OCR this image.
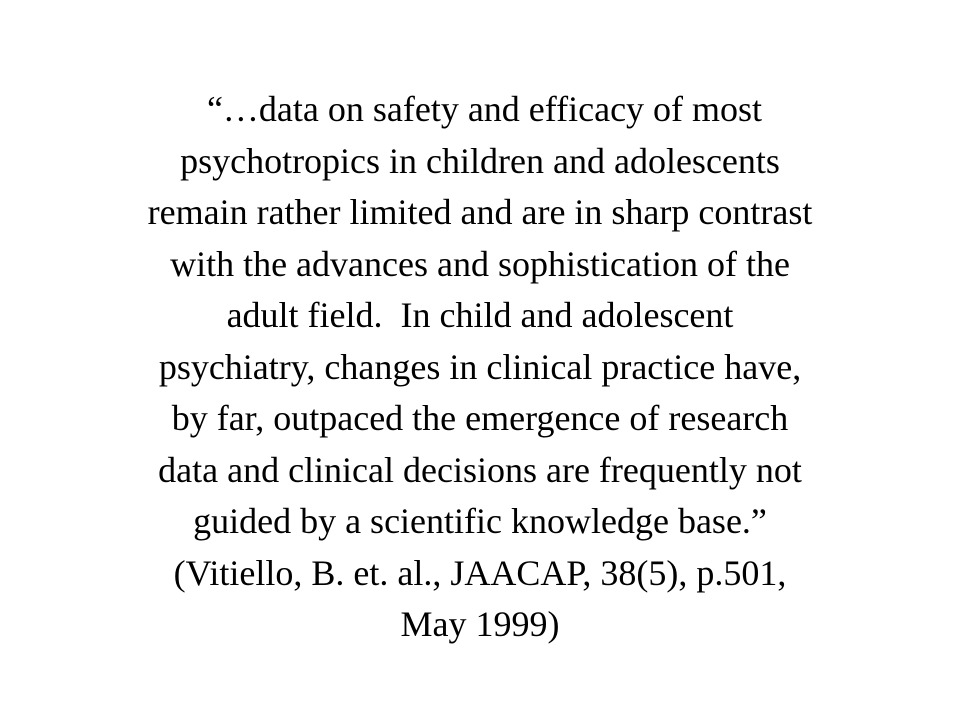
“…data on safety and efficacy of most
psychotropics in children and adolescents
remain rather limited and are in sharp contrast
with the advances and sophistication of the
adult field.  In child and adolescent
psychiatry, changes in clinical practice have,
by far, outpaced the emergence of research
data and clinical decisions are frequently not
guided by a scientific knowledge base.”
(Vitiello, B. et. al., JAACAP, 38(5), p.501,
May 1999)
